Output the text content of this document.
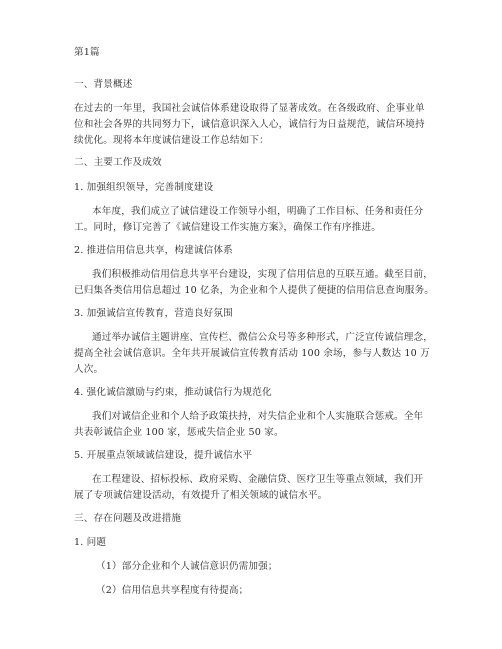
第1篇
一、背景概述
在过去的一年里，我国社会诚信体系建设取得了显著成效。在各级政府、企事业单
位和社会各界的共同努力下，诚信意识深入人心，诚信行为日益规范，诚信环境持
续优化。现将本年度诚信建设工作总结如下：
二、主要工作及成效
1. 加强组织领导，完善制度建设
本年度，我们成立了诚信建设工作领导小组，明确了工作目标、任务和责任分
工。同时，修订完善了《诚信建设工作实施方案》，确保工作有序推进。
2. 推进信用信息共享，构建诚信体系
我们积极推动信用信息共享平台建设，实现了信用信息的互联互通。截至目前，
已归集各类信用信息超过 10 亿条，为企业和个人提供了便捷的信用信息查询服务。
3. 加强诚信宣传教育，营造良好氛围
通过举办诚信主题讲座、宣传栏、微信公众号等多种形式，广泛宣传诚信理念，
提高全社会诚信意识。全年共开展诚信宣传教育活动 100 余场，参与人数达 10 万
人次。
4. 强化诚信激励与约束，推动诚信行为规范化
我们对诚信企业和个人给予政策扶持，对失信企业和个人实施联合惩戒。全年
共表彰诚信企业 100 家，惩戒失信企业 50 家。
5. 开展重点领域诚信建设，提升诚信水平
在工程建设、招标投标、政府采购、金融信贷、医疗卫生等重点领域，我们开
展了专项诚信建设活动，有效提升了相关领域的诚信水平。
三、存在问题及改进措施
1. 问题
（1）部分企业和个人诚信意识仍需加强；
（2）信用信息共享程度有待提高；
